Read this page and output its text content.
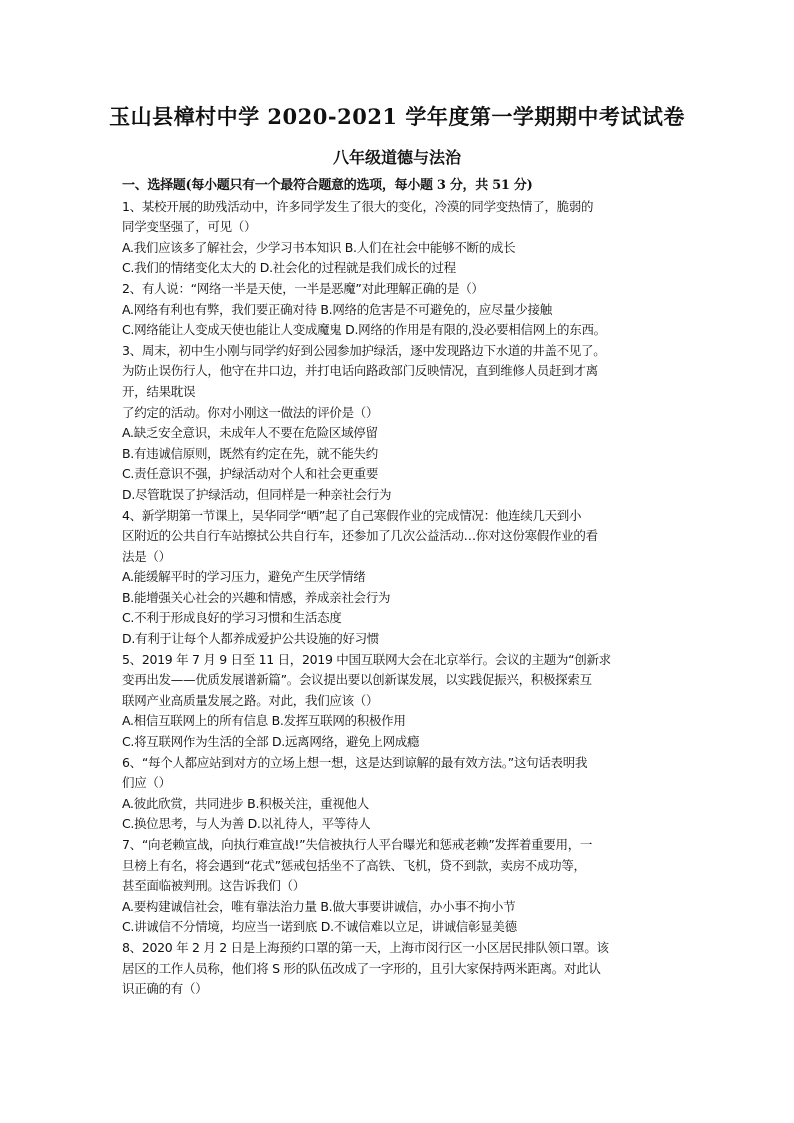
玉山县樟村中学 2020-2021 学年度第一学期期中考试试卷
八年级道德与法治
一、选择题(每小题只有一个最符合题意的选项，每小题 3 分，共 51 分)
1、某校开展的助残活动中，许多同学发生了很大的变化，冷漠的同学变热情了，脆弱的
同学变坚强了，可见（）
A.我们应该多了解社会，少学习书本知识 B.人们在社会中能够不断的成长
C.我们的情绪变化太大的 D.社会化的过程就是我们成长的过程
2、有人说：“网络一半是天使，一半是恶魔”对此理解正确的是（）
A.网络有利也有弊，我们要正确对待 B.网络的危害是不可避免的，应尽量少接触
C.网络能让人变成天使也能让人变成魔鬼 D.网络的作用是有限的,没必要相信网上的东西。
3、周末，初中生小刚与同学约好到公园参加护绿活，逐中发现路边下水道的井盖不见了。
为防止误伤行人，他守在井口边，并打电话向路政部门反映情况，直到维修人员赶到才离
开，结果耽误
了约定的活动。你对小刚这一做法的评价是（）
A.缺乏安全意识，未成年人不要在危险区域停留
B.有违诚信原则，既然有约定在先，就不能失约
C.责任意识不强，护绿活动对个人和社会更重要
D.尽管耽误了护绿活动，但同样是一种亲社会行为
4、新学期第一节课上，吴华同学“晒”起了自己寒假作业的完成情况：他连续几天到小
区附近的公共自行车站擦拭公共自行车，还参加了几次公益活动…你对这份寒假作业的看
法是（）
A.能缓解平时的学习压力，避免产生厌学情绪
B.能增强关心社会的兴趣和情感，养成亲社会行为
C.不利于形成良好的学习习惯和生活态度
D.有利于让每个人都养成爱护公共设施的好习惯
5、2019 年 7 月 9 日至 11 日，2019 中国互联网大会在北京举行。会议的主题为“创新求
变再出发——优质发展谱新篇”。会议提出要以创新谋发展，以实践促振兴，积极探索互
联网产业高质量发展之路。对此，我们应该（）
A.相信互联网上的所有信息 B.发挥互联网的积极作用
C.将互联网作为生活的全部 D.远离网络，避免上网成瘾
6、“每个人都应站到对方的立场上想一想，这是达到谅解的最有效方法。”这句话表明我
们应（）
A.彼此欣赏，共同进步 B.积极关注，重视他人
C.换位思考，与人为善 D.以礼待人，平等待人
7、“向老赖宣战，向执行难宣战!”失信被执行人平台曝光和惩戒老赖”发挥着重要用，一
旦榜上有名，将会遇到“花式”惩戒包括坐不了高铁、飞机，贷不到款，卖房不成功等，
甚至面临被判刑。这告诉我们（）
A.要构建诚信社会，唯有靠法治力量 B.做大事要讲诚信，办小事不拘小节
C.讲诚信不分情境，均应当一诺到底 D.不诚信难以立足，讲诚信彰显美德
8、2020 年 2 月 2 日是上海预约口罩的第一天，上海市闵行区一小区居民排队领口罩。该
居区的工作人员称，他们将 S 形的队伍改成了一字形的，且引大家保持两米距离。对此认
识正确的有（）
